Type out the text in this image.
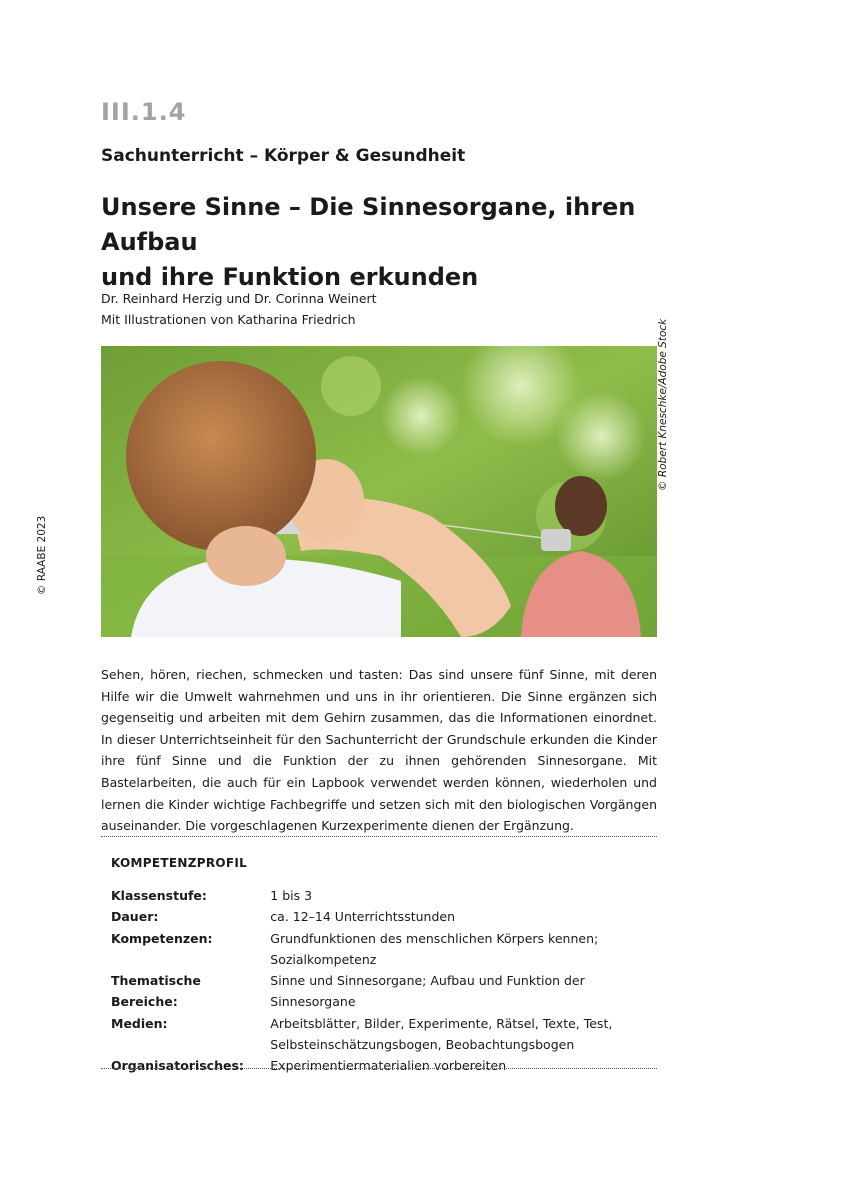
III.1.4
Sachunterricht – Körper & Gesundheit
Unsere Sinne – Die Sinnesorgane, ihren Aufbau
und ihre Funktion erkunden
Dr. Reinhard Herzig und Dr. Corinna Weinert
Mit Illustrationen von Katharina Friedrich	© Robert Kneschke/Adobe Stock
© RAABE 2023

Sehen, hören, riechen, schmecken und tasten: Das sind unsere fünf Sinne, mit deren Hilfe wir die Umwelt wahrnehmen und uns in ihr orientieren. Die Sinne ergänzen sich gegenseitig und arbeiten mit dem Gehirn zusammen, das die Informationen einordnet. In dieser Unterrichtseinheit für den Sachunterricht der Grundschule erkunden die Kinder ihre fünf Sinne und die Funktion der zu ihnen gehörenden Sinnesorgane. Mit Bastelarbeiten, die auch für ein Lapbook verwendet werden können, wiederholen und lernen die Kinder wichtige Fachbegriffe und setzen sich mit den biologischen Vorgängen auseinander. Die vorgeschlagenen Kurzexperimente dienen der Ergänzung.

KOMPETENZPROFIL
Klassenstufe:	1 bis 3
Dauer:	ca. 12–14 Unterrichtsstunden
Kompetenzen:	Grundfunktionen des menschlichen Körpers kennen;
Sozialkompetenz
Thematische Bereiche:	Sinne und Sinnesorgane; Aufbau und Funktion der Sinnesorgane
Medien:	Arbeitsblätter, Bilder, Experimente, Rätsel, Texte, Test,
Selbsteinschätzungsbogen, Beobachtungsbogen
Organisatorisches:	Experimentiermaterialien vorbereiten
